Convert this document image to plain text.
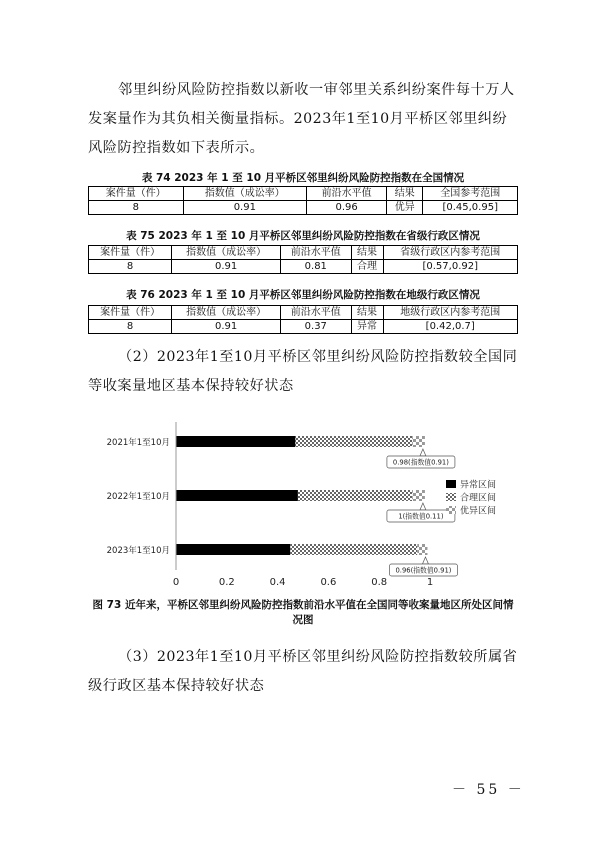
邻里纠纷风险防控指数以新收一审邻里关系纠纷案件每十万人发案量作为其负相关衡量指标。2023年1至10月平桥区邻里纠纷风险防控指数如下表所示。

表 74 2023 年 1 至 10 月平桥区邻里纠纷风险防控指数在全国情况
案件量（件）	指数值（成讼率）	前沿水平值	结果	全国参考范围
8	0.91	0.96	优异	[0.45,0.95]
表 75 2023 年 1 至 10 月平桥区邻里纠纷风险防控指数在省级行政区情况
案件量（件）	指数值（成讼率）	前沿水平值	结果	省级行政区内参考范围
8	0.91	0.81	合理	[0.57,0.92]
表 76 2023 年 1 至 10 月平桥区邻里纠纷风险防控指数在地级行政区情况
案件量（件）	指数值（成讼率）	前沿水平值	结果	地级行政区内参考范围
8	0.91	0.37	异常	[0.42,0.7]

（2）2023年1至10月平桥区邻里纠纷风险防控指数较全国同等收案量地区基本保持较好状态

2021年1至10月
2022年1至10月
2023年1至10月
0.98(指数值0.91)
1(指数值0.11)
0.96(指数值0.91)
0	0.2	0.4	0.6	0.8	1
异常区间
合理区间
优异区间
图 73 近年来，平桥区邻里纠纷风险防控指数前沿水平值在全国同等收案量地区所处区间情况图

（3）2023年1至10月平桥区邻里纠纷风险防控指数较所属省级行政区基本保持较好状态

－ 55 －
